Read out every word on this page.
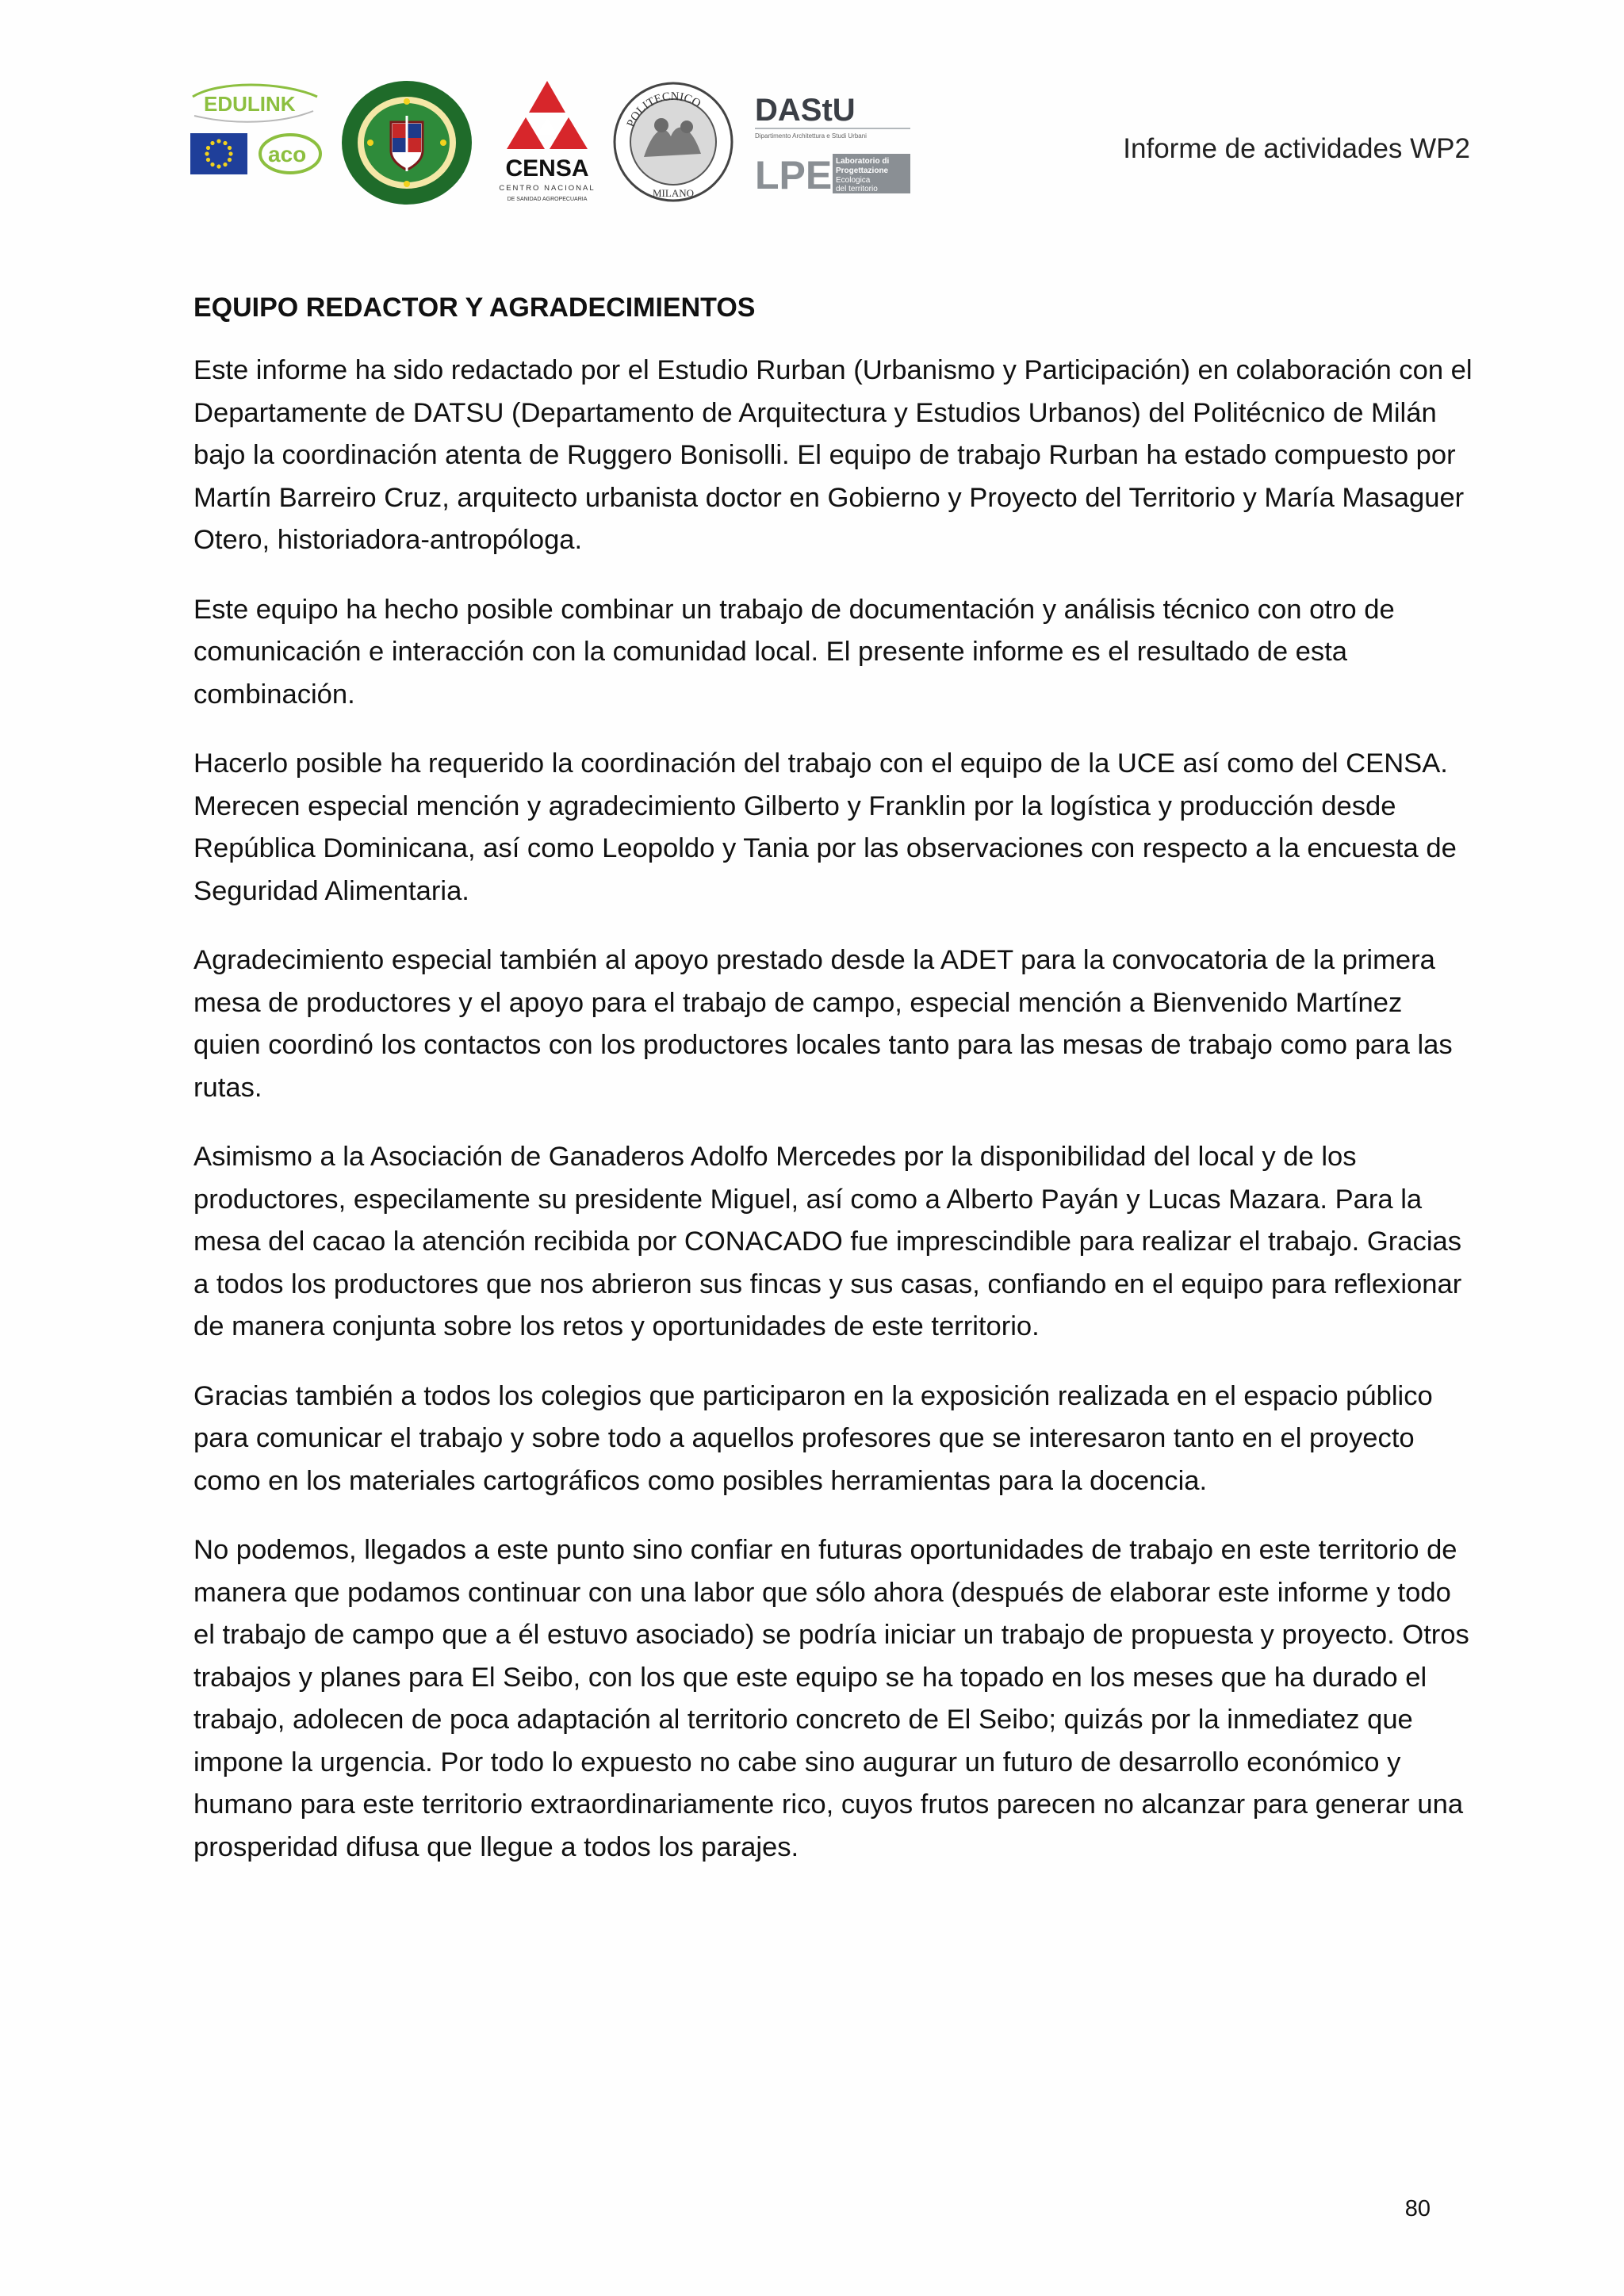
EDULINK
aco
CENSA
CENTRO NACIONAL
DE SANIDAD AGROPECUARIA
POLITECNICO
MILANO
DAStU
Dipartimento Architettura e Studi Urbani
LPE Laboratorio di
Progettazione
Ecologica
del territorio
Informe de actividades WP2
EQUIPO REDACTOR Y AGRADECIMIENTOS

Este informe ha sido redactado por el Estudio Rurban (Urbanismo y Participación) en colaboración con el Departamente de DATSU (Departamento de Arquitectura y Estudios Urbanos) del Politécnico de Milán bajo la coordinación atenta de Ruggero Bonisolli. El equipo de trabajo Rurban ha estado compuesto por Martín Barreiro Cruz, arquitecto urbanista doctor en Gobierno y Proyecto del Territorio y María Masaguer Otero, historiadora-antropóloga.

Este equipo ha hecho posible combinar un trabajo de documentación y análisis técnico con otro de comunicación e interacción con la comunidad local. El presente informe es el resultado de esta combinación.

Hacerlo posible ha requerido la coordinación del trabajo con el equipo de la UCE así como del CENSA. Merecen especial mención y agradecimiento Gilberto y Franklin por la logística y producción desde República Dominicana, así como Leopoldo y Tania por las observaciones con respecto a la encuesta de Seguridad Alimentaria.

Agradecimiento especial también al apoyo prestado desde la ADET para la convocatoria de la primera mesa de productores y el apoyo para el trabajo de campo, especial mención a Bienvenido Martínez quien coordinó los contactos con los productores locales tanto para las mesas de trabajo como para las rutas.

Asimismo a la Asociación de Ganaderos Adolfo Mercedes por la disponibilidad del local y de los productores, especilamente su presidente Miguel, así como a Alberto Payán y Lucas Mazara. Para la mesa del cacao la atención recibida por CONACADO fue imprescindible para realizar el trabajo. Gracias a todos los productores que nos abrieron sus fincas y sus casas, confiando en el equipo para reflexionar de manera conjunta sobre los retos y oportunidades de este territorio.

Gracias también a todos los colegios que participaron en la exposición realizada en el espacio público para comunicar el trabajo y sobre todo a aquellos profesores que se interesaron tanto en el proyecto como en los materiales cartográficos como posibles herramientas para la docencia.

No podemos, llegados a este punto sino confiar en futuras oportunidades de trabajo en este territorio de manera que podamos continuar con una labor que sólo ahora (después de elaborar este informe y todo el trabajo de campo que a él estuvo asociado) se podría iniciar un trabajo de propuesta y proyecto. Otros trabajos y planes para El Seibo, con los que este equipo se ha topado en los meses que ha durado el trabajo, adolecen de poca adaptación al territorio concreto de El Seibo; quizás por la inmediatez que impone la urgencia. Por todo lo expuesto no cabe sino augurar un futuro de desarrollo económico y humano para este territorio extraordinariamente rico, cuyos frutos parecen no alcanzar para generar una prosperidad difusa que llegue a todos los parajes.

80
